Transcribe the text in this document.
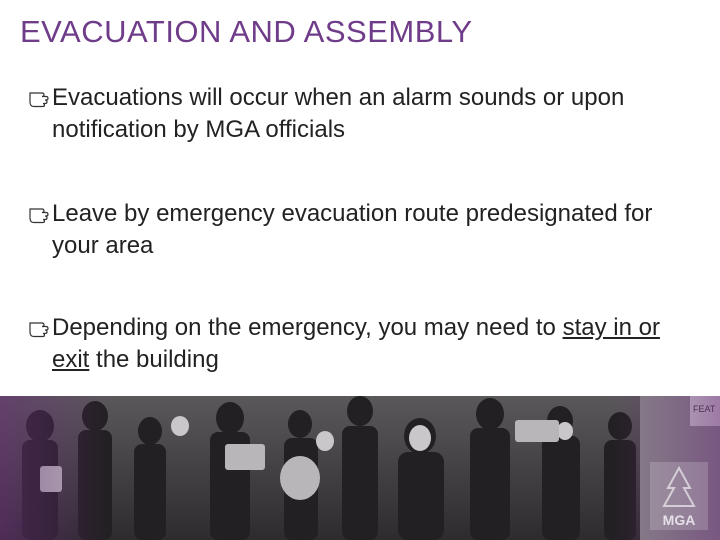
EVACUATION AND ASSEMBLY
Evacuations will occur when an alarm sounds or upon notification by MGA officials
Leave by emergency evacuation route predesignated for your area
Depending on the emergency, you may need to stay in or exit the building
MGA
